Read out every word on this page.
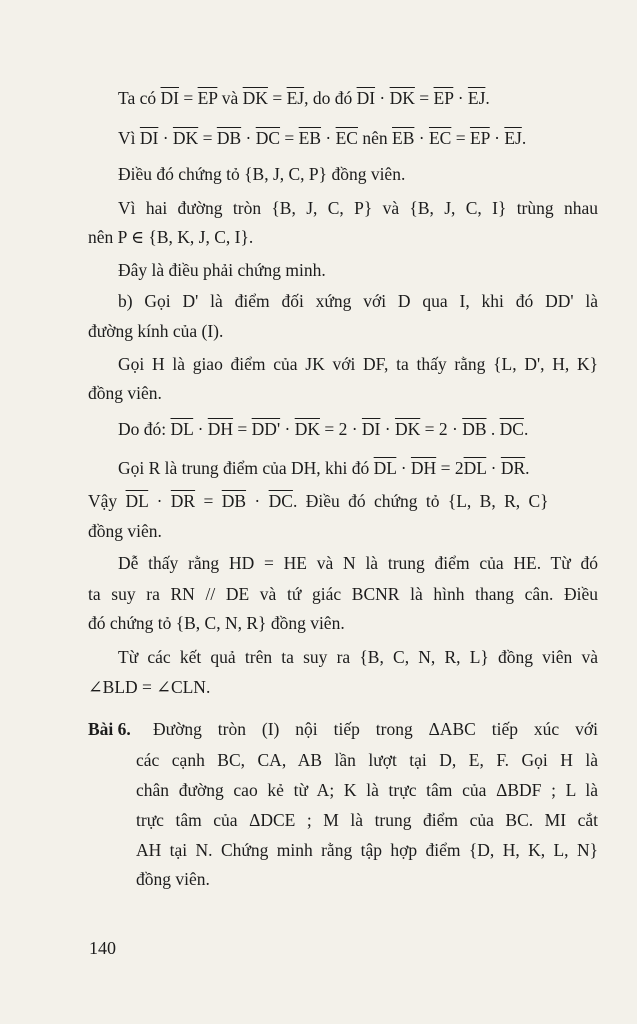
Ta có $\overline{DI} = \overline{EP}$ và $\overline{DK} = \overline{EJ}$, do đó $\overline{DI} \cdot \overline{DK} = \overline{EP} \cdot \overline{EJ}$.
Vì $\overline{DI} \cdot \overline{DK} = \overline{DB} \cdot \overline{DC} = \overline{EB} \cdot \overline{EC}$ nên $\overline{EB} \cdot \overline{EC} = \overline{EP} \cdot \overline{EJ}$.
Điều đó chứng tỏ {B, J, C, P} đồng viên.
Vì hai đường tròn {B, J, C, P} và {B, J, C, I} trùng nhau
nên P ∈ {B, K, J, C, I}.
Đây là điều phải chứng minh.
b) Gọi D' là điểm đối xứng với D qua I, khi đó DD' là
đường kính của (I).
Gọi H là giao điểm của JK với DF, ta thấy rằng {L, D', H, K}
đồng viên.
Do đó: $\overline{DL} \cdot \overline{DH} = DD' \cdot \overline{DK} = 2 \cdot \overline{DI} \cdot \overline{DK} = 2 \cdot \overline{DB}$ . $\overline{DC}$.
Gọi R là trung điểm của DH, khi đó $\overline{DL} \cdot \overline{DH} = 2\overline{DL} \cdot \overline{DR}$.
Vậy $\overline{DL} \cdot \overline{DR} = \overline{DB} \cdot \overline{DC}$. Điều đó chứng tỏ {L, B, R, C}
đồng viên.
Dễ thấy rằng HD = HE và N là trung điểm của HE. Từ đó
ta suy ra RN // DE và tứ giác BCNR là hình thang cân. Điều
đó chứng tỏ {B, C, N, R} đồng viên.
Từ các kết quả trên ta suy ra {B, C, N, R, L} đồng viên và
∠BLD = ∠CLN.
Bài 6. Đường tròn (I) nội tiếp trong ΔABC tiếp xúc với
các cạnh BC, CA, AB lần lượt tại D, E, F. Gọi H là
chân đường cao kẻ từ A; K là trực tâm của ΔBDF ; L là
trực tâm của ΔDCE ; M là trung điểm của BC. MI cắt
AH tại N. Chứng minh rằng tập hợp điểm {D, H, K, L, N}
đồng viên.
140
